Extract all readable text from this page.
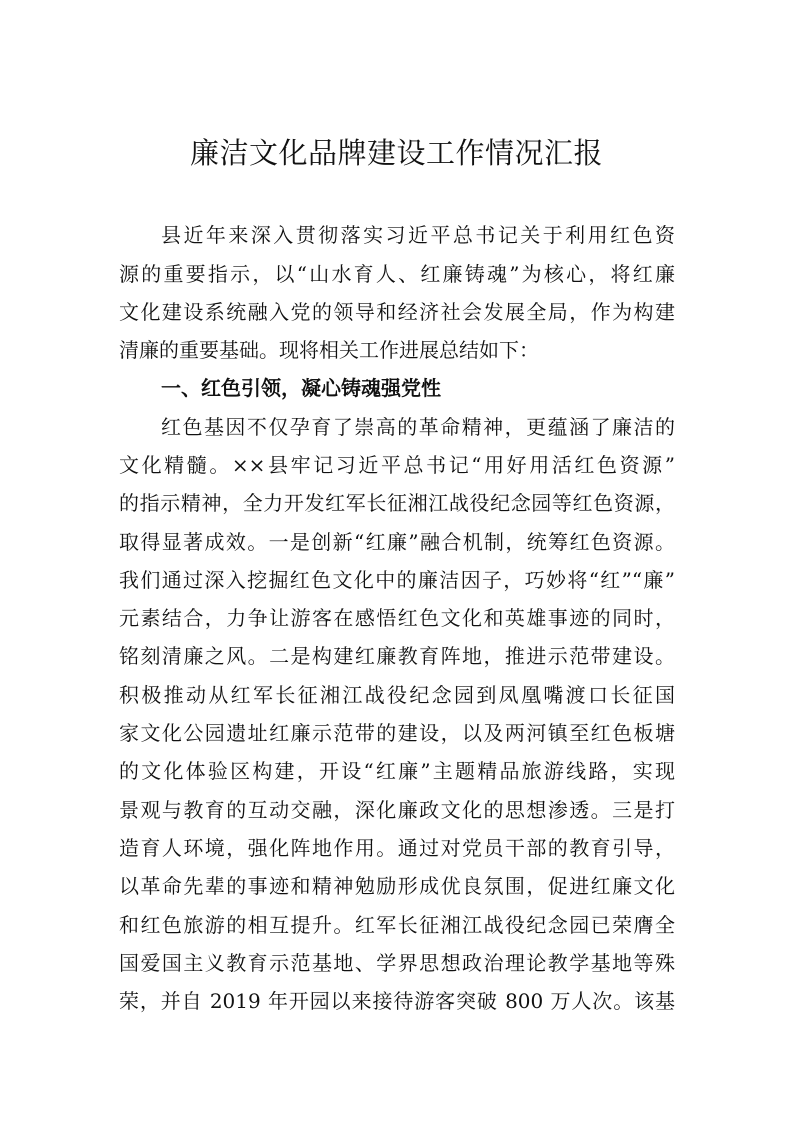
廉洁文化品牌建设工作情况汇报
县近年来深入贯彻落实习近平总书记关于利用红色资
源的重要指示，以“山水育人、红廉铸魂”为核心，将红廉
文化建设系统融入党的领导和经济社会发展全局，作为构建
清廉的重要基础。现将相关工作进展总结如下：
一、红色引领，凝心铸魂强党性
红色基因不仅孕育了崇高的革命精神，更蕴涵了廉洁的
文化精髓。××县牢记习近平总书记“用好用活红色资源”
的指示精神，全力开发红军长征湘江战役纪念园等红色资源，
取得显著成效。一是创新“红廉”融合机制，统筹红色资源。
我们通过深入挖掘红色文化中的廉洁因子，巧妙将“红”“廉”
元素结合，力争让游客在感悟红色文化和英雄事迹的同时，
铭刻清廉之风。二是构建红廉教育阵地，推进示范带建设。
积极推动从红军长征湘江战役纪念园到凤凰嘴渡口长征国
家文化公园遗址红廉示范带的建设，以及两河镇至红色板塘
的文化体验区构建，开设“红廉”主题精品旅游线路，实现
景观与教育的互动交融，深化廉政文化的思想渗透。三是打
造育人环境，强化阵地作用。通过对党员干部的教育引导，
以革命先辈的事迹和精神勉励形成优良氛围，促进红廉文化
和红色旅游的相互提升。红军长征湘江战役纪念园已荣膺全
国爱国主义教育示范基地、学界思想政治理论教学基地等殊
荣，并自 2019 年开园以来接待游客突破 800 万人次。该基
